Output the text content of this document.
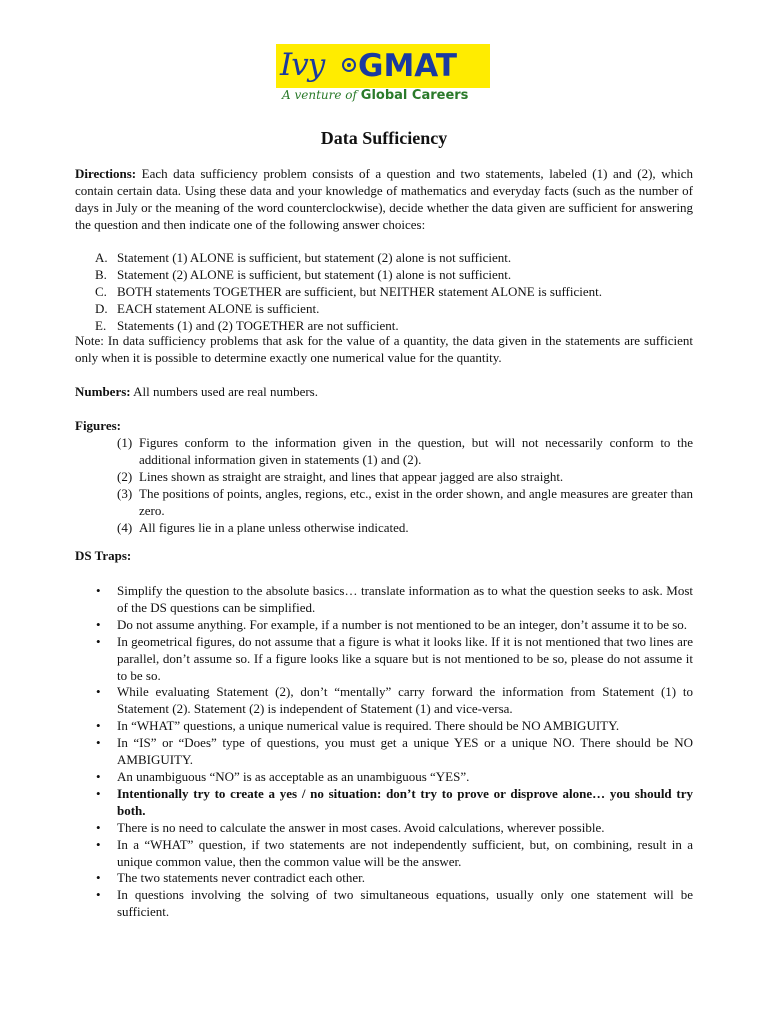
Ivy GMAT
A venture of Global Careers
Data Sufficiency
Directions: Each data sufficiency problem consists of a question and two statements, labeled (1) and (2), which contain certain data. Using these data and your knowledge of mathematics and everyday facts (such as the number of days in July or the meaning of the word counterclockwise), decide whether the data given are sufficient for answering the question and then indicate one of the following answer choices:
A. Statement (1) ALONE is sufficient, but statement (2) alone is not sufficient.
B. Statement (2) ALONE is sufficient, but statement (1) alone is not sufficient.
C. BOTH statements TOGETHER are sufficient, but NEITHER statement ALONE is sufficient.
D. EACH statement ALONE is sufficient.
E. Statements (1) and (2) TOGETHER are not sufficient.
Note: In data sufficiency problems that ask for the value of a quantity, the data given in the statements are sufficient only when it is possible to determine exactly one numerical value for the quantity.
Numbers: All numbers used are real numbers.
Figures:
(1) Figures conform to the information given in the question, but will not necessarily conform to the additional information given in statements (1) and (2).
(2) Lines shown as straight are straight, and lines that appear jagged are also straight.
(3) The positions of points, angles, regions, etc., exist in the order shown, and angle measures are greater than zero.
(4) All figures lie in a plane unless otherwise indicated.
DS Traps:
•	Simplify the question to the absolute basics… translate information as to what the question seeks to ask. Most of the DS questions can be simplified.
•	Do not assume anything. For example, if a number is not mentioned to be an integer, don’t assume it to be so.
•	In geometrical figures, do not assume that a figure is what it looks like. If it is not mentioned that two lines are parallel, don’t assume so. If a figure looks like a square but is not mentioned to be so, please do not assume it to be so.
•	While evaluating Statement (2), don’t “mentally” carry forward the information from Statement (1) to Statement (2). Statement (2) is independent of Statement (1) and vice-versa.
•	In “WHAT” questions, a unique numerical value is required. There should be NO AMBIGUITY.
•	In “IS” or “Does” type of questions, you must get a unique YES or a unique NO. There should be NO AMBIGUITY.
•	An unambiguous “NO” is as acceptable as an unambiguous “YES”.
•	Intentionally try to create a yes / no situation: don’t try to prove or disprove alone… you should try both.
•	There is no need to calculate the answer in most cases. Avoid calculations, wherever possible.
•	In a “WHAT” question, if two statements are not independently sufficient, but, on combining, result in a unique common value, then the common value will be the answer.
•	The two statements never contradict each other.
•	In questions involving the solving of two simultaneous equations, usually only one statement will be sufficient.
